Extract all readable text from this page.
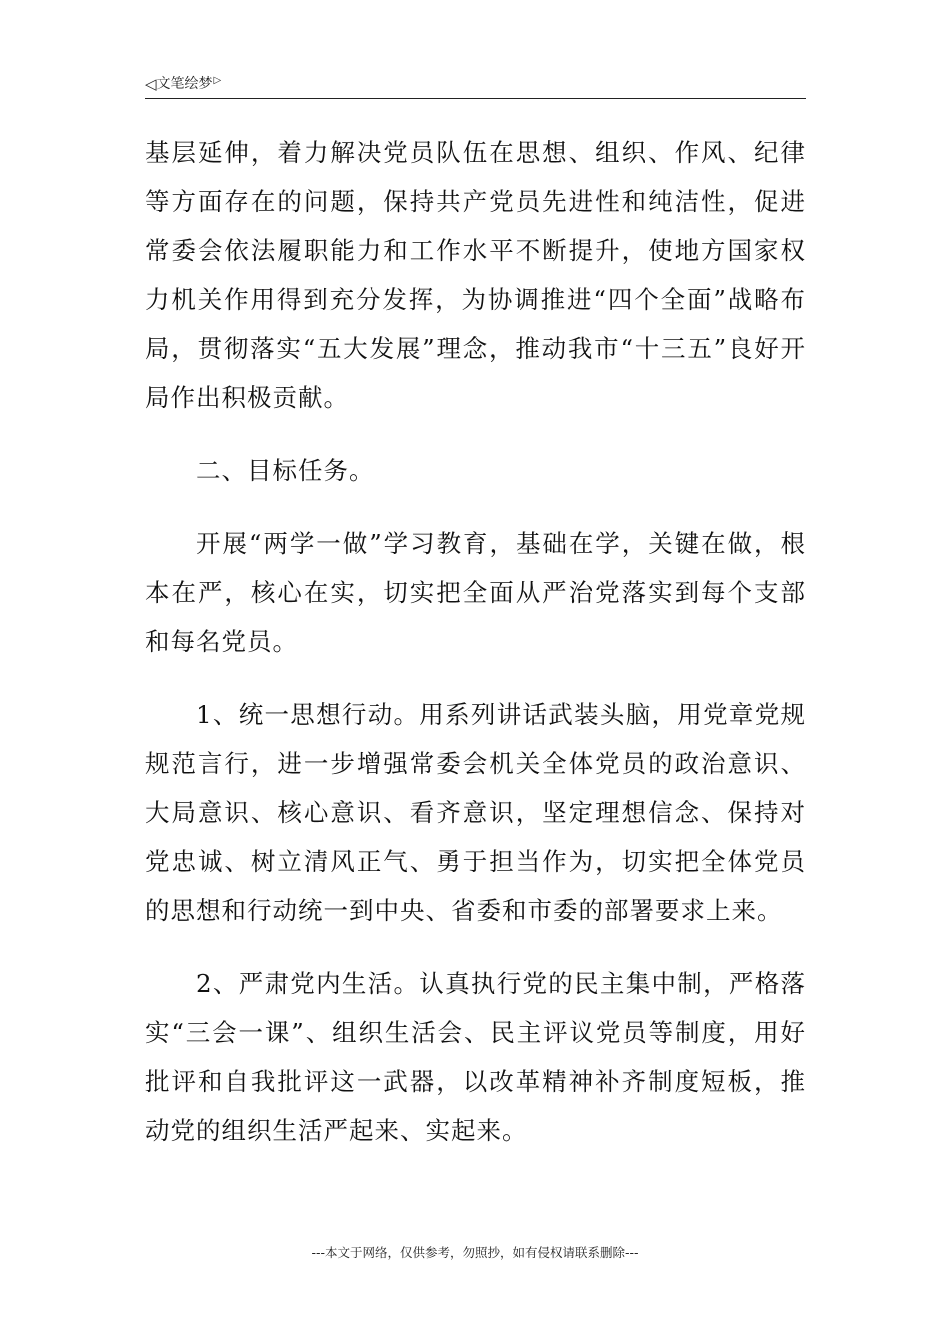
◁ 文笔绘梦 ▷

基层延伸，着力解决党员队伍在思想、组织、作风、纪律等方面存在的问题，保持共产党员先进性和纯洁性，促进常委会依法履职能力和工作水平不断提升，使地方国家权力机关作用得到充分发挥，为协调推进“四个全面”战略布局，贯彻落实“五大发展”理念，推动我市“十三五”良好开局作出积极贡献。

二、目标任务。

开展“两学一做”学习教育，基础在学，关键在做，根本在严，核心在实，切实把全面从严治党落实到每个支部和每名党员。

1、统一思想行动。用系列讲话武装头脑，用党章党规规范言行，进一步增强常委会机关全体党员的政治意识、大局意识、核心意识、看齐意识，坚定理想信念、保持对党忠诚、树立清风正气、勇于担当作为，切实把全体党员的思想和行动统一到中央、省委和市委的部署要求上来。

2、严肃党内生活。认真执行党的民主集中制，严格落实“三会一课”、组织生活会、民主评议党员等制度，用好批评和自我批评这一武器，以改革精神补齐制度短板，推动党的组织生活严起来、实起来。

---本文于网络，仅供参考，勿照抄，如有侵权请联系删除---
